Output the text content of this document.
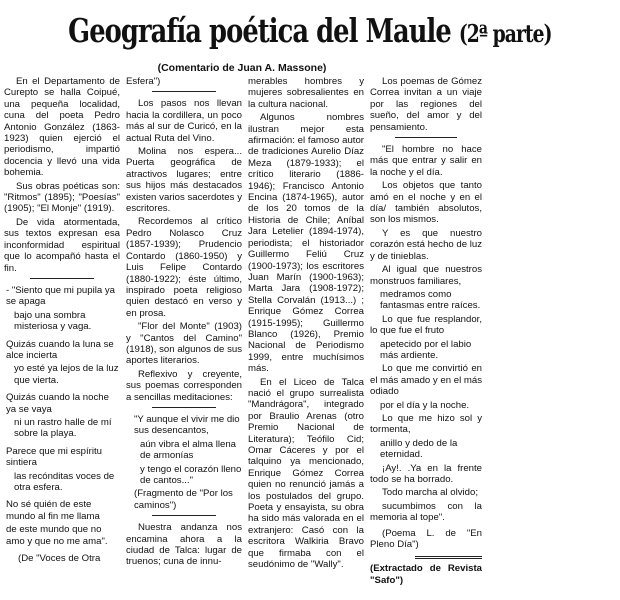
Geografía poética del Maule (2ª parte)
(Comentario de Juan A. Massone)

En el Departamento de Curepto se halla Coipué, una pequeña localidad, cuna del poeta Pedro Antonio González (1863-1923) quien ejerció el periodismo, impartió docencia y llevó una vida bohemia.

Sus obras poéticas son: "Ritmos" (1895); "Poesías" (1905); "El Monje" (1919).

De vida atormentada, sus textos expresan esa inconformidad espiritual que lo acompañó hasta el fin.

- "Siento que mi pupila ya se apaga

bajo una sombra misteriosa y vaga.

Quizás cuando la luna se alce incierta

yo esté ya lejos de la luz que vierta.

Quizás cuando la noche ya se vaya

ni un rastro halle de mí sobre la playa.

Parece que mi espíritu sintiera

las recónditas voces de otra esfera.

No sé quién de este mundo al fin me llama

de este mundo que no amo y que no me ama".

(De "Voces de Otra

Esfera")

Los pasos nos llevan hacia la cordillera, un poco más al sur de Curicó, en la actual Ruta del Vino.

Molina nos espera... Puerta geográfica de atractivos lugares; entre sus hijos más destacados existen varios sacerdotes y escritores.

Recordemos al crítico Pedro Nolasco Cruz (1857-1939); Prudencio Contardo (1860-1950) y Luis Felipe Contardo (1880-1922); éste último, inspirado poeta religioso quien destacó en verso y en prosa.

"Flor del Monte" (1903) y "Cantos del Camino" (1918), son algunos de sus aportes literarios.

Reflexivo y creyente, sus poemas corresponden a sencillas meditaciones:

"Y aunque el vivir me dio sus desencantos,

aún vibra el alma llena de armonías

y tengo el corazón lleno de cantos..."

(Fragmento de "Por los caminos")

Nuestra andanza nos encamina ahora a la ciudad de Talca: lugar de truenos; cuna de innu-

merables hombres y mujeres sobresalientes en la cultura nacional.

Algunos nombres ilustran mejor esta afirmación: el famoso autor de tradiciones Aurelio Díaz Meza (1879-1933); el crítico literario (1886-1946); Francisco Antonio Encina (1874-1965), autor de los 20 tomos de la Historia de Chile; Aníbal Jara Letelier (1894-1974), periodista; el historiador Guillermo Feliú Cruz (1900-1973); los escritores Juan Marín (1900-1963); Marta Jara (1908-1972); Stella Corvalán (1913...) ; Enrique Gómez Correa (1915-1995); Guillermo Blanco (1926), Premio Nacional de Periodismo 1999, entre muchísimos más.

En el Liceo de Talca nació el grupo surrealista "Mandrágora", integrado por Braulio Arenas (otro Premio Nacional de Literatura); Teófilo Cid; Omar Cáceres y por el talquino ya mencionado, Enrique Gómez Correa quien no renunció jamás a los postulados del grupo. Poeta y ensayista, su obra ha sido más valorada en el extranjero: Casó con la escritora Walkiria Bravo que firmaba con el seudónimo de "Wally".

Los poemas de Gómez Correa invitan a un viaje por las regiones del sueño, del amor y del pensamiento.

"El hombre no hace más que entrar y salir en la noche y el día.

Los objetos que tanto amó en el noche y en el día/ también absolutos, son los mismos.

Y es que nuestro corazón está hecho de luz y de tinieblas.

Al igual que nuestros monstruos familiares,

medramos como fantasmas entre raíces.

Lo que fue resplandor, lo que fue el fruto

apetecido por el labio más ardiente.

Lo que me convirtió en el más amado y en el más odiado

por el día y la noche.

Lo que me hizo sol y tormenta,

anillo y dedo de la eternidad.

¡Ay!. .Ya en la frente todo se ha borrado.

Todo marcha al olvido;

sucumbimos con la memoria al tope".

(Poema L. de "En Pleno Día")

(Extractado de Revista "Safo")
